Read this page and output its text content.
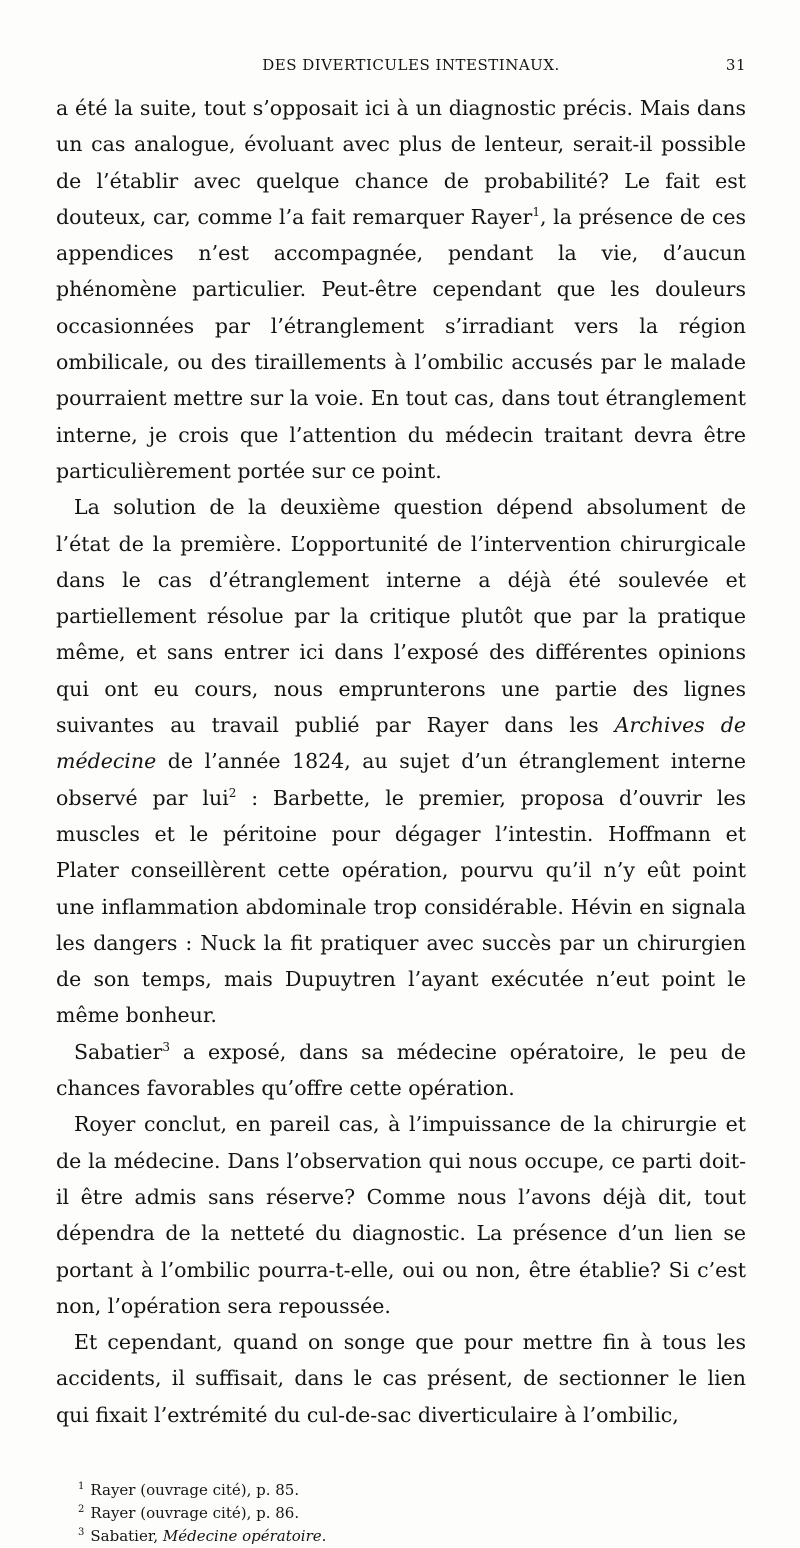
DES DIVERTICULES INTESTINAUX.	31

a été la suite, tout s’opposait ici à un diagnostic précis. Mais dans un cas analogue, évoluant avec plus de lenteur, serait-il possible de l’établir avec quelque chance de probabilité? Le fait est douteux, car, comme l’a fait remarquer Rayer$^1$, la présence de ces appendices n’est accompagnée, pendant la vie, d’aucun phénomène particulier. Peut-être cependant que les douleurs occasionnées par l’étranglement s’irradiant vers la région ombilicale, ou des tiraillements à l’ombilic accusés par le malade pourraient mettre sur la voie. En tout cas, dans tout étranglement interne, je crois que l’attention du médecin traitant devra être particulièrement portée sur ce point.

La solution de la deuxième question dépend absolument de l’état de la première. L’opportunité de l’intervention chirurgicale dans le cas d’étranglement interne a déjà été soulevée et partiellement résolue par la critique plutôt que par la pratique même, et sans entrer ici dans l’exposé des différentes opinions qui ont eu cours, nous emprunterons une partie des lignes suivantes au travail publié par Rayer dans les Archives de médecine de l’année 1824, au sujet d’un étranglement interne observé par lui$^2$ : Barbette, le premier, proposa d’ouvrir les muscles et le péritoine pour dégager l’intestin. Hoffmann et Plater conseillèrent cette opération, pourvu qu’il n’y eût point une inflammation abdominale trop considérable. Hévin en signala les dangers : Nuck la fit pratiquer avec succès par un chirurgien de son temps, mais Dupuytren l’ayant exécutée n’eut point le même bonheur.

Sabatier$^3$ a exposé, dans sa médecine opératoire, le peu de chances favorables qu’offre cette opération.

Royer conclut, en pareil cas, à l’impuissance de la chirurgie et de la médecine. Dans l’observation qui nous occupe, ce parti doit-il être admis sans réserve? Comme nous l’avons déjà dit, tout dépendra de la netteté du diagnostic. La présence d’un lien se portant à l’ombilic pourra-t-elle, oui ou non, être établie? Si c’est non, l’opération sera repoussée.

Et cependant, quand on songe que pour mettre fin à tous les accidents, il suffisait, dans le cas présent, de sectionner le lien qui fixait l’extrémité du cul-de-sac diverticulaire à l’ombilic,

$^1$ Rayer (ouvrage cité), p. 85.
$^2$ Rayer (ouvrage cité), p. 86.
$^3$ Sabatier, Médecine opératoire.
